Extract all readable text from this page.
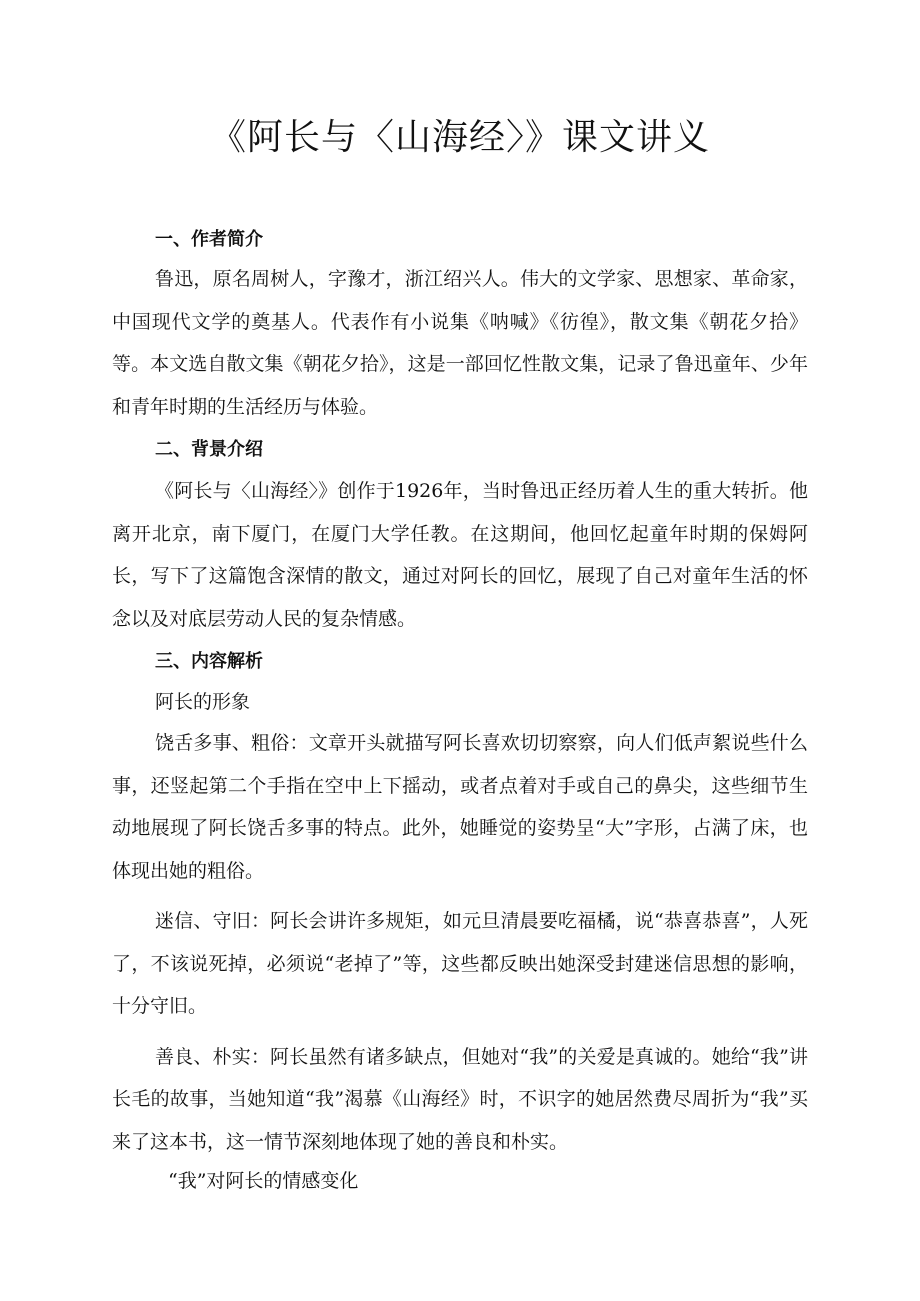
《阿长与〈山海经〉》课文讲义
一、作者简介

鲁迅，原名周树人，字豫才，浙江绍兴人。伟大的文学家、思想家、革命家，中国现代文学的奠基人。代表作有小说集《呐喊》《彷徨》，散文集《朝花夕拾》等。本文选自散文集《朝花夕拾》，这是一部回忆性散文集，记录了鲁迅童年、少年和青年时期的生活经历与体验。

二、背景介绍

《阿长与〈山海经〉》创作于1926年，当时鲁迅正经历着人生的重大转折。他离开北京，南下厦门，在厦门大学任教。在这期间，他回忆起童年时期的保姆阿长，写下了这篇饱含深情的散文，通过对阿长的回忆，展现了自己对童年生活的怀念以及对底层劳动人民的复杂情感。

三、内容解析

阿长的形象

饶舌多事、粗俗：文章开头就描写阿长喜欢切切察察，向人们低声絮说些什么事，还竖起第二个手指在空中上下摇动，或者点着对手或自己的鼻尖，这些细节生动地展现了阿长饶舌多事的特点。此外，她睡觉的姿势呈“大”字形，占满了床，也体现出她的粗俗。

迷信、守旧：阿长会讲许多规矩，如元旦清晨要吃福橘，说“恭喜恭喜”，人死了，不该说死掉，必须说“老掉了”等，这些都反映出她深受封建迷信思想的影响，十分守旧。

善良、朴实：阿长虽然有诸多缺点，但她对“我”的关爱是真诚的。她给“我”讲长毛的故事，当她知道“我”渴慕《山海经》时，不识字的她居然费尽周折为“我”买来了这本书，这一情节深刻地体现了她的善良和朴实。

“我”对阿长的情感变化
